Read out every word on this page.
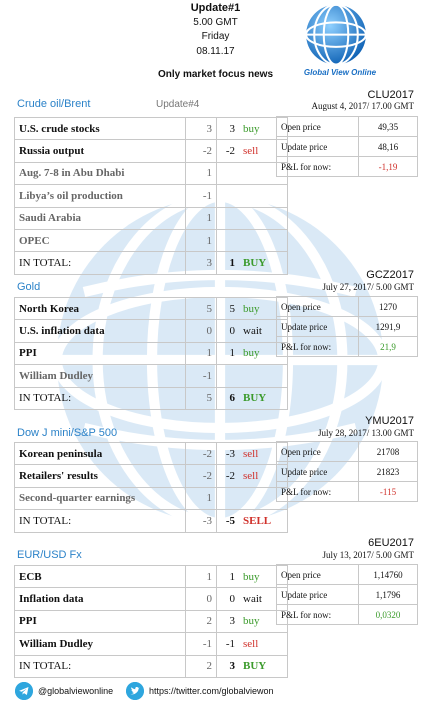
Update#1
5.00 GMT
Friday
08.11.17
Only market focus news	Global View Online
Crude oil/Brent	Update#4
CLU2017
August 4, 2017/ 17.00 GMT
U.S. crude stocks	3	3	buy
Russia output	-2	-2	sell
Aug. 7-8 in Abu Dhabi	1		
Libya’s oil production	-1		
Saudi Arabia	1		
OPEC	1		
IN TOTAL:	3	1	BUY
Open price	49,35
Update price	48,16
P&L for now:	-1,19
Gold
GCZ2017
July 27, 2017/ 5.00 GMT
North Korea	5	5	buy
U.S. inflation data	0	0	wait
PPI	1	1	buy
William Dudley	-1		
IN TOTAL:	5	6	BUY
Open price	1270
Update price	1291,9
P&L for now:	21,9
Dow J mini/S&P 500
YMU2017
July 28, 2017/ 13.00 GMT
Korean peninsula	-2	-3	sell
Retailers' results	-2	-2	sell
Second-quarter earnings	1		
IN TOTAL:	-3	-5	SELL
Open price	21708
Update price	21823
P&L for now:	-115
EUR/USD Fx
6EU2017
July 13, 2017/ 5.00 GMT
ECB	1	1	buy
Inflation data	0	0	wait
PPI	2	3	buy
William Dudley	-1	-1	sell
IN TOTAL:	2	3	BUY
Open price	1,14760
Update price	1,1796
P&L for now:	0,0320
@globalviewonline	https://twitter.com/globalviewon
